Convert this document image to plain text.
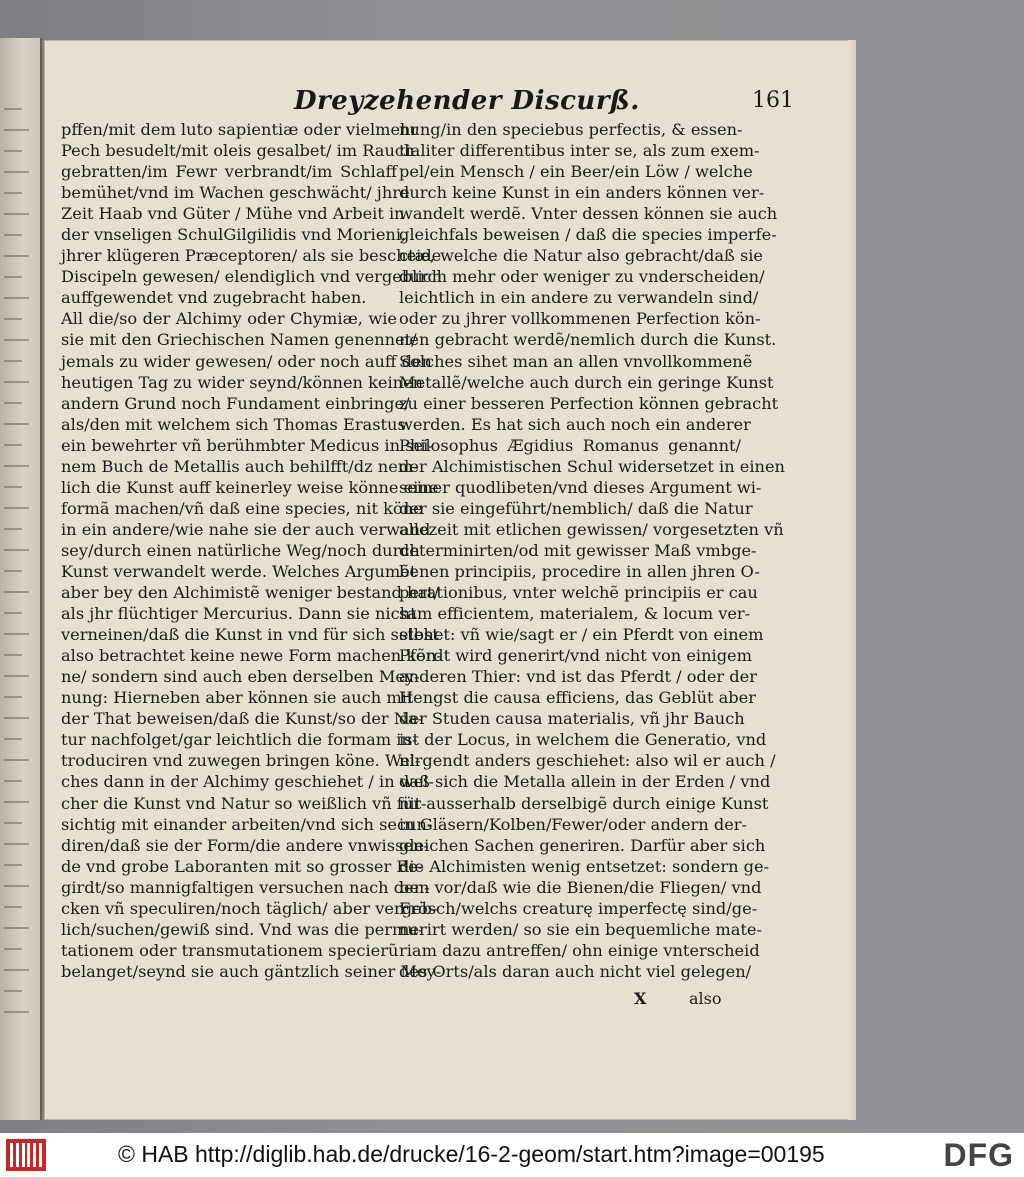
Dreyzehender Discurß.	161
pffen/mit dem luto sapientiæ oder vielmehr
Pech besudelt/mit oleis gesalbet/ im Rauch
gebratten/im Fewr verbrandt/im Schlaff
bemühet/vnd im Wachen geschwächt/ jhre
Zeit Haab vnd Güter / Mühe vnd Arbeit in
der vnseligen SchulGilgilidis vnd Morieni,
jhrer klügeren Præceptoren/ als sie bescheide
Discipeln gewesen/ elendiglich vnd vergeblich
auffgewendet vnd zugebracht haben.
All die/so der Alchimy oder Chymiæ, wie
sie mit den Griechischen Namen genennet/
jemals zu wider gewesen/ oder noch auff den
heutigen Tag zu wider seynd/können keinen
andern Grund noch Fundament einbringe/
als/den mit welchem sich Thomas Erastus
ein bewehrter vñ berühmbter Medicus in sei-
nem Buch de Metallis auch behilfft/dz nem-
lich die Kunst auff keinerley weise könne eine
formã machen/vñ daß eine species, nit köne
in ein andere/wie nahe sie der auch verwand
sey/durch einen natürliche Weg/noch durch
Kunst verwandelt werde. Welches Argumẽt
aber bey den Alchimistẽ weniger bestand hat/
als jhr flüchtiger Mercurius. Dann sie nicht
verneinen/daß die Kunst in vnd für sich selbst
also betrachtet keine newe Form machen kõn-
ne/ sondern sind auch eben derselben Mey-
nung: Hierneben aber können sie auch mit
der That beweisen/daß die Kunst/so der Na-
tur nachfolget/gar leichtlich die formam in-
troduciren vnd zuwegen bringen köne. Wel-
ches dann in der Alchimy geschiehet / in wel-
cher die Kunst vnd Natur so weißlich vñ für-
sichtig mit einander arbeiten/vnd sich secun-
diren/daß sie der Form/die andere vnwissen-
de vnd grobe Laboranten mit so grosser Be-
girdt/so mannigfaltigen versuchen nach den-
cken vñ speculiren/noch täglich/ aber vergeb-
lich/suchen/gewiß sind. Vnd was die permu-
tationem oder transmutationem specierũ
belanget/seynd sie auch gäntzlich seiner Mey-
nung/in den speciebus perfectis, & essen-
tialiter differentibus inter se, als zum exem-
pel/ein Mensch / ein Beer/ein Löw / welche
durch keine Kunst in ein anders können ver-
wandelt werdẽ. Vnter dessen können sie auch
gleichfals beweisen / daß die species imperfe-
ctæ, welche die Natur also gebracht/daß sie
durch mehr oder weniger zu vnderscheiden/
leichtlich in ein andere zu verwandeln sind/
oder zu jhrer vollkommenen Perfection kön-
nen gebracht werdẽ/nemlich durch die Kunst.
Solches sihet man an allen vnvollkommenẽ
Metallẽ/welche auch durch ein geringe Kunst
zu einer besseren Perfection können gebracht
werden. Es hat sich auch noch ein anderer
Philosophus Ægidius Romanus genannt/
der Alchimistischen Schul widersetzet in einen
seiner quodlibeten/vnd dieses Argument wi-
der sie eingeführt/nemblich/ daß die Natur
allezeit mit etlichen gewissen/ vorgesetzten vñ
determinirten/od mit gewisser Maß vmbge-
benen principiis, procedire in allen jhren O-
perationibus, vnter welchẽ principiis er cau
sam efficientem, materialem, & locum ver-
stehet: vñ wie/sagt er / ein Pferdt von einem
Pferdt wird generirt/vnd nicht von einigem
anderen Thier: vnd ist das Pferdt / oder der
Hengst die causa efficiens, das Geblüt aber
der Studen causa materialis, vñ jhr Bauch
ist der Locus, in welchem die Generatio, vnd
nirgendt anders geschiehet: also wil er auch /
daß sich die Metalla allein in der Erden / vnd
nit ausserhalb derselbigẽ durch einige Kunst
in Gläsern/Kolben/Fewer/oder andern der-
gleichen Sachen generiren. Darfür aber sich
die Alchimisten wenig entsetzet: sondern ge-
ben vor/daß wie die Bienen/die Fliegen/ vnd
Frösch/welchs creaturę imperfectę sind/ge-
nerirt werden/ so sie ein bequemliche mate-
riam dazu antreffen/ ohn einige vnterscheid
des Orts/als daran auch nicht viel gelegen/
X	also
© HAB http://diglib.hab.de/drucke/16-2-geom/start.htm?image=00195	DFG
